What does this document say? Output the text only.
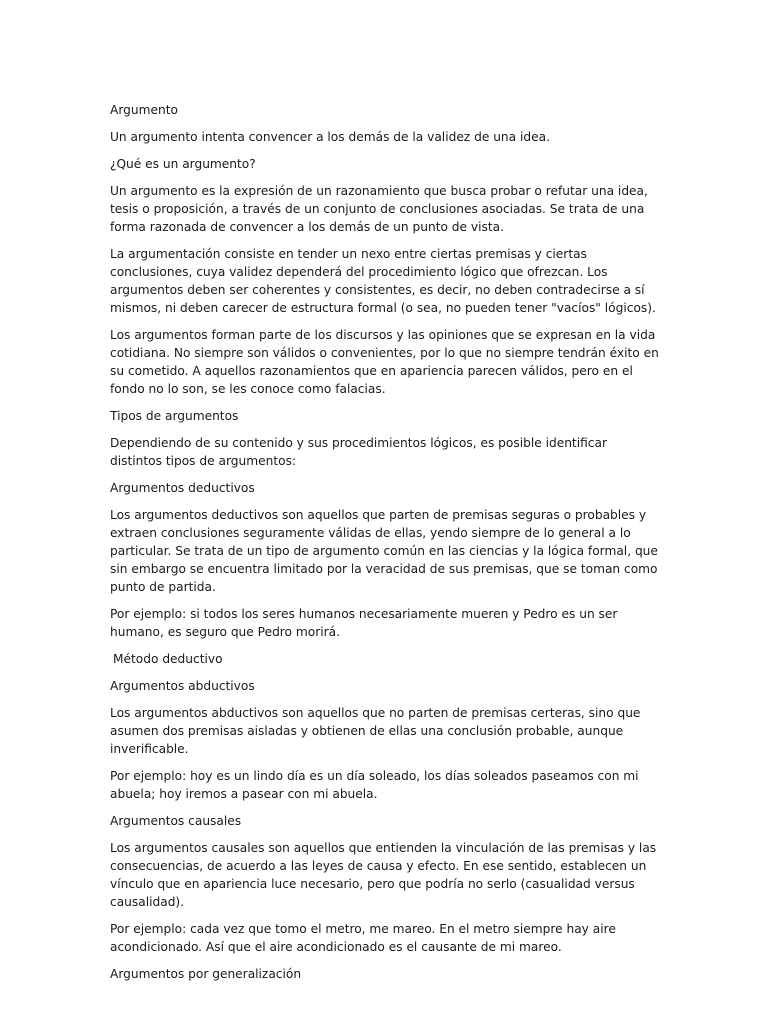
Argumento

Un argumento intenta convencer a los demás de la validez de una idea.

¿Qué es un argumento?

Un argumento es la expresión de un razonamiento que busca probar o refutar una idea, tesis o proposición, a través de un conjunto de conclusiones asociadas. Se trata de una forma razonada de convencer a los demás de un punto de vista.

La argumentación consiste en tender un nexo entre ciertas premisas y ciertas conclusiones, cuya validez dependerá del procedimiento lógico que ofrezcan. Los argumentos deben ser coherentes y consistentes, es decir, no deben contradecirse a sí mismos, ni deben carecer de estructura formal (o sea, no pueden tener "vacíos" lógicos).

Los argumentos forman parte de los discursos y las opiniones que se expresan en la vida cotidiana. No siempre son válidos o convenientes, por lo que no siempre tendrán éxito en su cometido. A aquellos razonamientos que en apariencia parecen válidos, pero en el fondo no lo son, se les conoce como falacias.

Tipos de argumentos

Dependiendo de su contenido y sus procedimientos lógicos, es posible identificar distintos tipos de argumentos:

Argumentos deductivos

Los argumentos deductivos son aquellos que parten de premisas seguras o probables y extraen conclusiones seguramente válidas de ellas, yendo siempre de lo general a lo particular. Se trata de un tipo de argumento común en las ciencias y la lógica formal, que sin embargo se encuentra limitado por la veracidad de sus premisas, que se toman como punto de partida.

Por ejemplo: si todos los seres humanos necesariamente mueren y Pedro es un ser humano, es seguro que Pedro morirá.

Método deductivo

Argumentos abductivos

Los argumentos abductivos son aquellos que no parten de premisas certeras, sino que asumen dos premisas aisladas y obtienen de ellas una conclusión probable, aunque inverificable.

Por ejemplo: hoy es un lindo día es un día soleado, los días soleados paseamos con mi abuela; hoy iremos a pasear con mi abuela.

Argumentos causales

Los argumentos causales son aquellos que entienden la vinculación de las premisas y las consecuencias, de acuerdo a las leyes de causa y efecto. En ese sentido, establecen un vínculo que en apariencia luce necesario, pero que podría no serlo (casualidad versus causalidad).

Por ejemplo: cada vez que tomo el metro, me mareo. En el metro siempre hay aire acondicionado. Así que el aire acondicionado es el causante de mi mareo.

Argumentos por generalización
